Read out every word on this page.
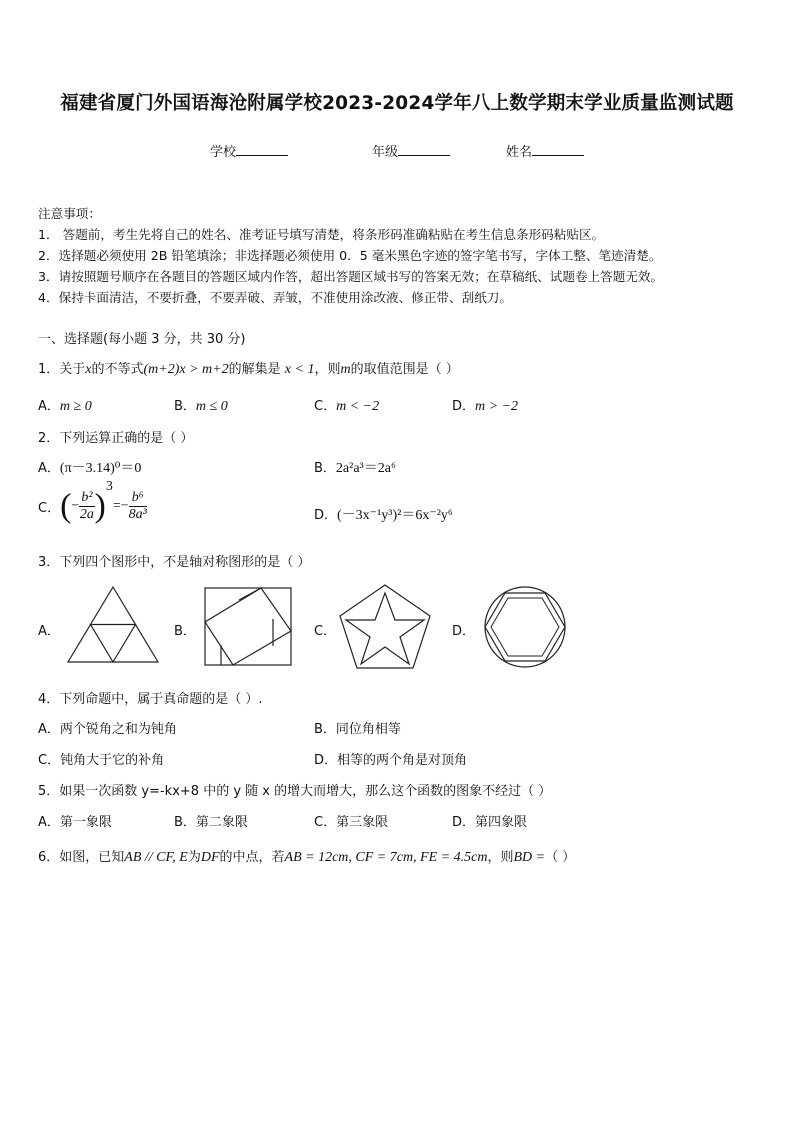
福建省厦门外国语海沧附属学校2023-2024学年八上数学期末学业质量监测试题
学校	年级	姓名
注意事项：
1． 答题前，考生先将自己的姓名、准考证号填写清楚，将条形码准确粘贴在考生信息条形码粘贴区。
2．选择题必须使用 2B 铅笔填涂；非选择题必须使用 0．5 毫米黑色字迹的签字笔书写，字体工整、笔迹清楚。
3．请按照题号顺序在各题目的答题区域内作答，超出答题区域书写的答案无效；在草稿纸、试题卷上答题无效。
4．保持卡面清洁，不要折叠，不要弄破、弄皱，不准使用涂改液、修正带、刮纸刀。
一、选择题(每小题 3 分，共 30 分)
1．关于x的不等式(m+2)x > m+2的解集是 x < 1，则m的取值范围是（ ）
A．m ≥ 0	B．m ≤ 0	C．m < −2	D．m > −2
2．下列运算正确的是（ ）
A．(π－3.14)⁰＝0	B．2a²a³＝2a⁶
C．(− $\frac{\text{b²}}{2a} )^3=- \frac{\text{b⁶}}{\text{8a³}}$	D．(－3x⁻¹y³)²＝6x⁻²y⁶
3．下列四个图形中，不是轴对称图形的是（ ）
A．	B．	C．	D．
4．下列命题中，属于真命题的是（ ）.
A．两个锐角之和为钝角	B．同位角相等
C．钝角大于它的补角	D．相等的两个角是对顶角
5．如果一次函数 y=-kx+8 中的 y 随 x 的增大而增大，那么这个函数的图象不经过（ ）
A．第一象限	B．第二象限	C．第三象限	D．第四象限
6．如图，已知AB // CF, E为DF的中点，若AB = 12cm, CF = 7cm, FE = 4.5cm，则BD =（ ）
